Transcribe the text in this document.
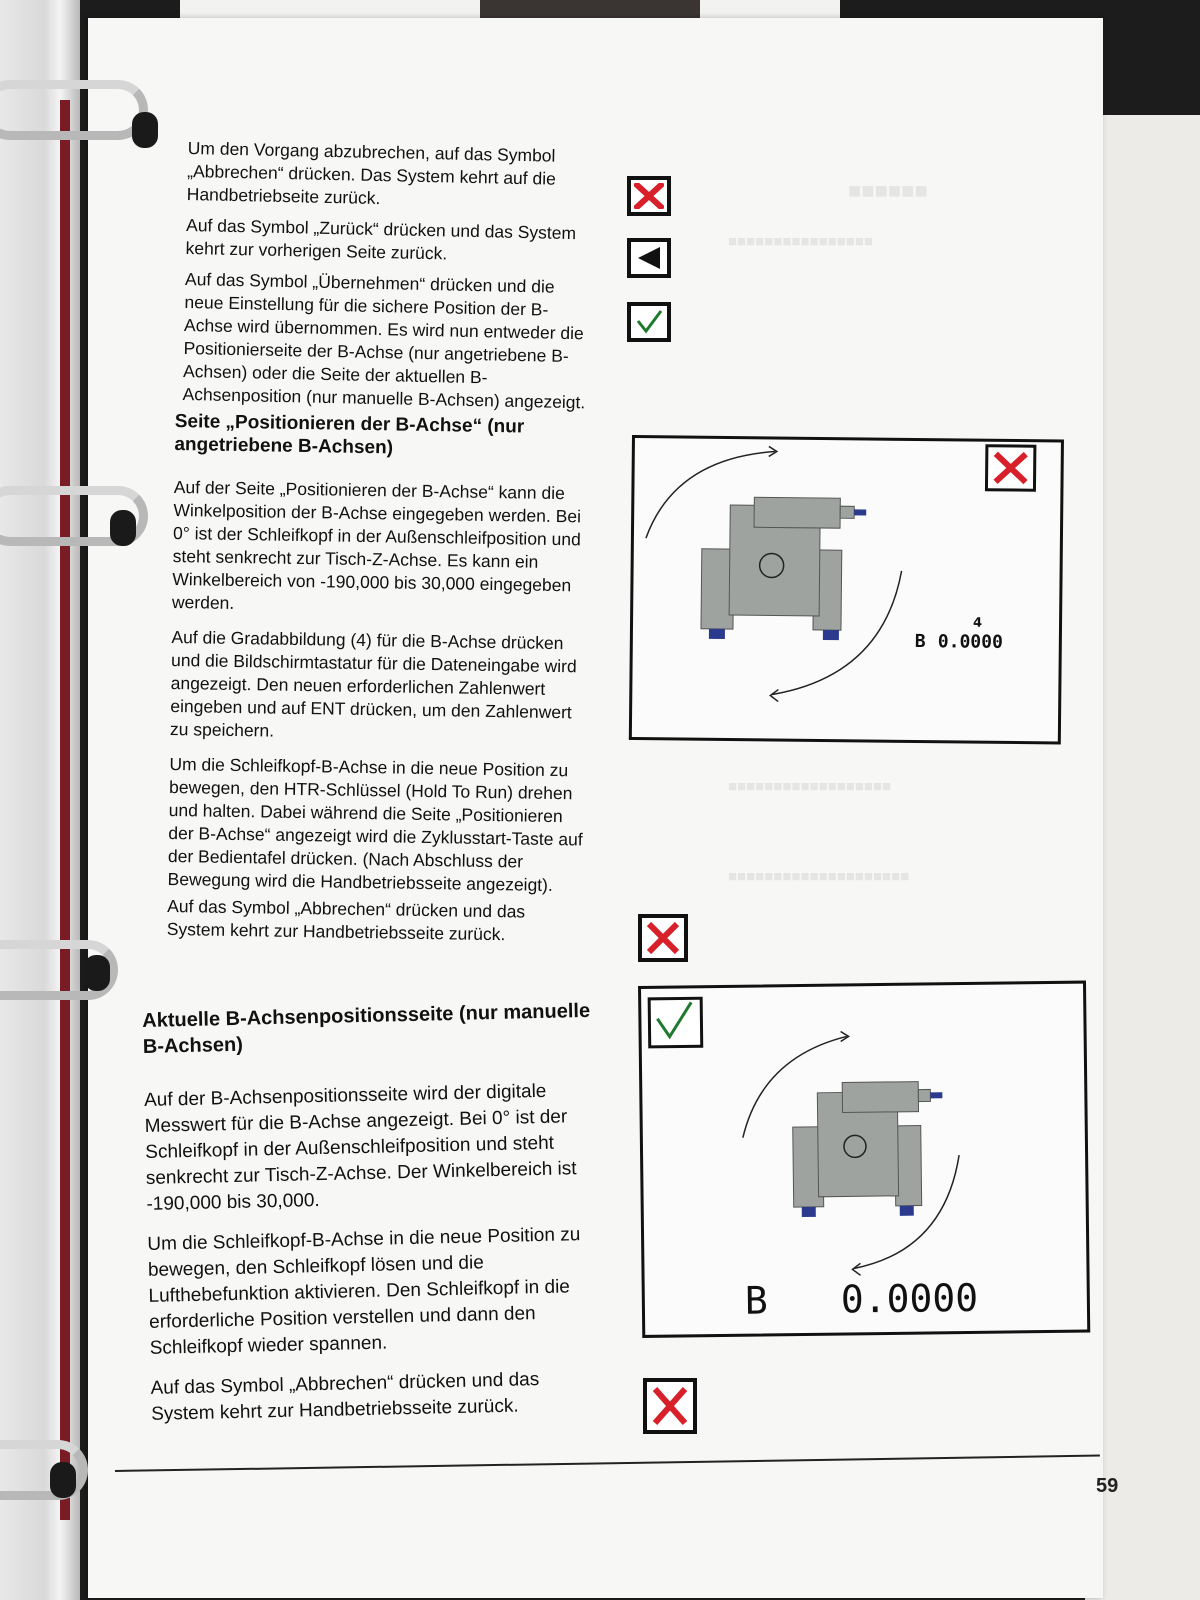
■■■■■■
■■■■■■■■■■■■■■■■
■■■■■■■■■■■■■■■■■■
■■■■■■■■■■■■■■■■■■■■

Um den Vorgang abzubrechen, auf das Symbol „Abbrechen“ drücken. Das System kehrt auf die Handbetriebseite zurück.

Auf das Symbol „Zurück“ drücken und das System kehrt zur vorherigen Seite zurück.

Auf das Symbol „Übernehmen“ drücken und die neue Einstellung für die sichere Position der B-Achse wird übernommen. Es wird nun entweder die Positionierseite der B-Achse (nur angetriebene B-Achsen) oder die Seite der aktuellen B-Achsenposition (nur manuelle B-Achsen) angezeigt.

Seite „Positionieren der B-Achse“ (nur angetriebene B-Achsen)

Auf der Seite „Positionieren der B-Achse“ kann die Winkelposition der B-Achse eingegeben werden. Bei 0° ist der Schleifkopf in der Außenschleifposition und steht senkrecht zur Tisch-Z-Achse. Es kann ein Winkelbereich von -190,000 bis 30,000 eingegeben werden.

Auf die Gradabbildung (4) für die B-Achse drücken und die Bildschirmtastatur für die Dateneingabe wird angezeigt. Den neuen erforderlichen Zahlenwert eingeben und auf ENT drücken, um den Zahlenwert zu speichern.

Um die Schleifkopf-B-Achse in die neue Position zu bewegen, den HTR-Schlüssel (Hold To Run) drehen und halten. Dabei während die Seite „Positionieren der B-Achse“ angezeigt wird die Zyklusstart-Taste auf der Bedientafel drücken. (Nach Abschluss der Bewegung wird die Handbetriebsseite angezeigt).

Auf das Symbol „Abbrechen“ drücken und das System kehrt zur Handbetriebsseite zurück.

Aktuelle B-Achsenpositionsseite (nur manuelle B-Achsen)

Auf der B-Achsenpositionsseite wird der digitale Messwert für die B-Achse angezeigt. Bei 0° ist der Schleifkopf in der Außenschleifposition und steht senkrecht zur Tisch-Z-Achse. Der Winkelbereich ist -190,000 bis 30,000.

Um die Schleifkopf-B-Achse in die neue Position zu bewegen, den Schleifkopf lösen und die Lufthebefunktion aktivieren. Den Schleifkopf in die erforderliche Position verstellen und dann den Schleifkopf wieder spannen.

Auf das Symbol „Abbrechen“ drücken und das System kehrt zur Handbetriebsseite zurück.

4
B 0.0000
B 0.0000
59
